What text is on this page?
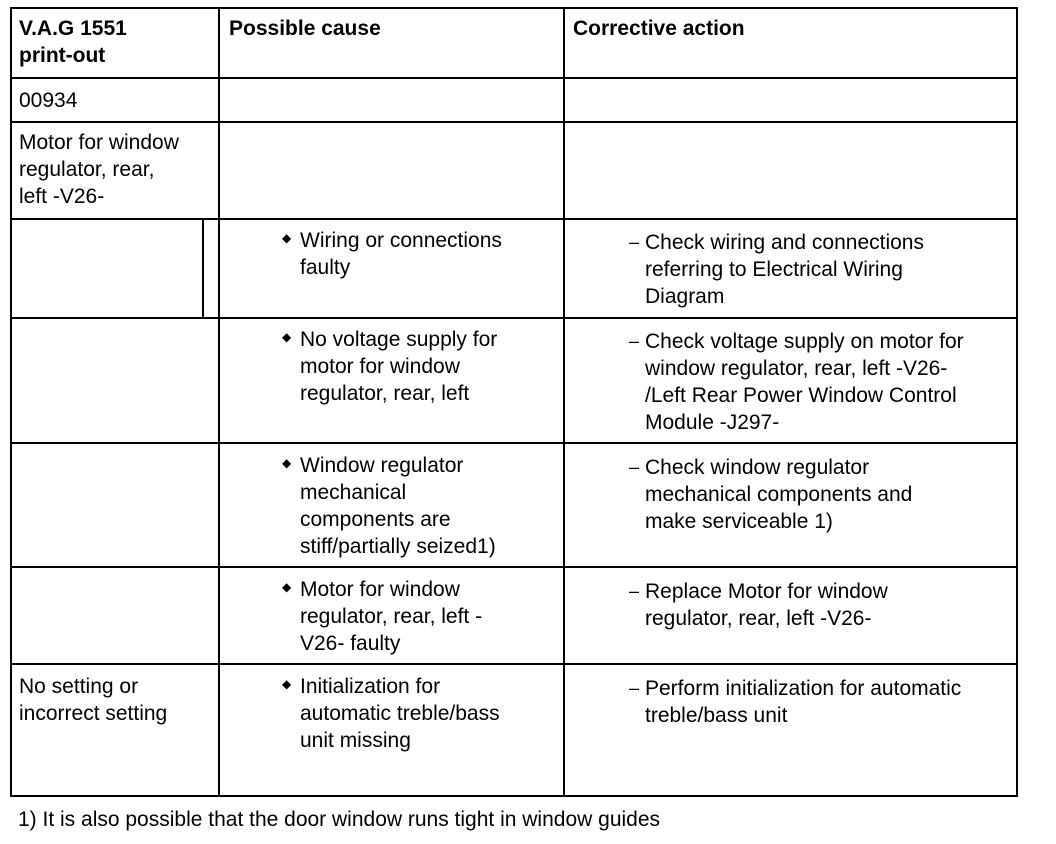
V.A.G 1551
print-out
Possible cause	Corrective action
00934
Motor for window
regulator, rear,
left -V26-
◆ Wiring or connections
faulty
– Check wiring and connections
referring to Electrical Wiring
Diagram
◆ No voltage supply for
motor for window
regulator, rear, left
– Check voltage supply on motor for
window regulator, rear, left -V26-
/Left Rear Power Window Control
Module -J297-
◆ Window regulator
mechanical
components are
stiff/partially seized1)
– Check window regulator
mechanical components and
make serviceable 1)
◆ Motor for window
regulator, rear, left -
V26- faulty
– Replace Motor for window
regulator, rear, left -V26-
No setting or
incorrect setting
◆ Initialization for
automatic treble/bass
unit missing
– Perform initialization for automatic
treble/bass unit
1) It is also possible that the door window runs tight in window guides
